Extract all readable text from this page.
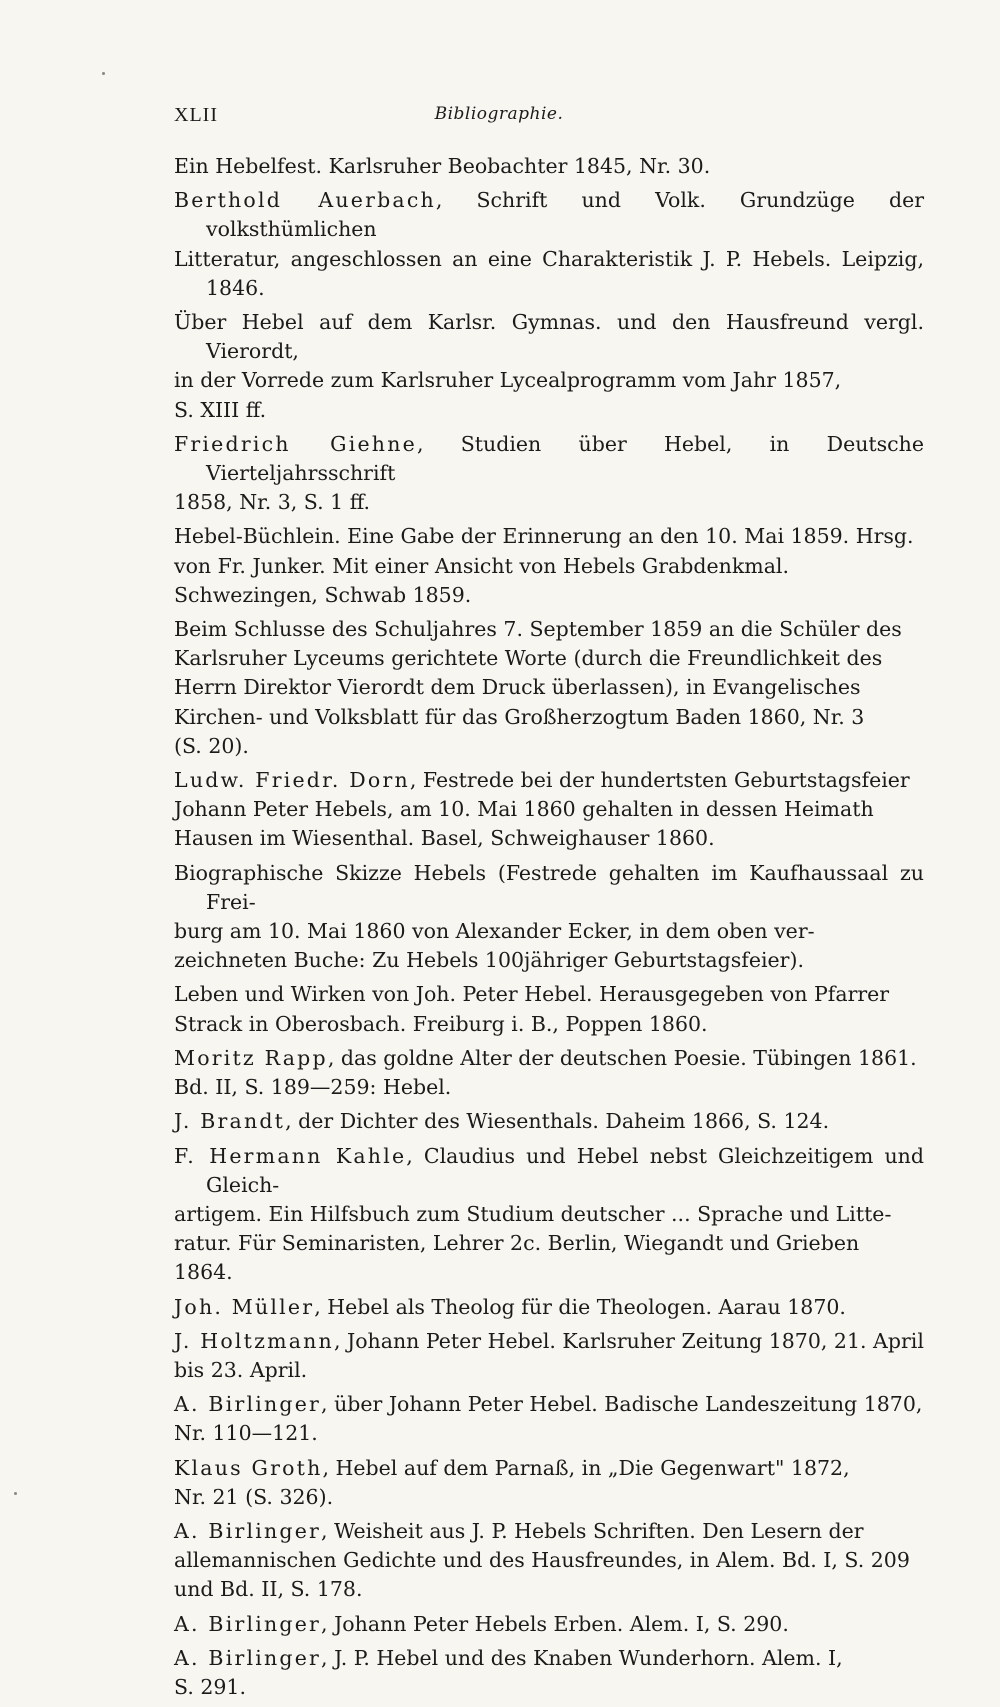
XLII	Bibliographie.

Ein Hebelfest. Karlsruher Beobachter 1845, Nr. 30.

Berthold Auerbach, Schrift und Volk. Grundzüge der volksthümlichen
Litteratur, angeschlossen an eine Charakteristik J. P. Hebels. Leipzig, 1846.

Über Hebel auf dem Karlsr. Gymnas. und den Hausfreund vergl. Vierordt,
in der Vorrede zum Karlsruher Lycealprogramm vom Jahr 1857,
S. XIII ff.

Friedrich Giehne, Studien über Hebel, in Deutsche Vierteljahrsschrift
1858, Nr. 3, S. 1 ff.

Hebel-Büchlein. Eine Gabe der Erinnerung an den 10. Mai 1859. Hrsg.
von Fr. Junker. Mit einer Ansicht von Hebels Grabdenkmal.
Schwezingen, Schwab 1859.

Beim Schlusse des Schuljahres 7. September 1859 an die Schüler des
Karlsruher Lyceums gerichtete Worte (durch die Freundlichkeit des
Herrn Direktor Vierordt dem Druck überlassen), in Evangelisches
Kirchen- und Volksblatt für das Großherzogtum Baden 1860, Nr. 3
(S. 20).

Ludw. Friedr. Dorn, Festrede bei der hundertsten Geburtstagsfeier
Johann Peter Hebels, am 10. Mai 1860 gehalten in dessen Heimath
Hausen im Wiesenthal. Basel, Schweighauser 1860.

Biographische Skizze Hebels (Festrede gehalten im Kaufhaussaal zu Frei-
burg am 10. Mai 1860 von Alexander Ecker, in dem oben ver-
zeichneten Buche: Zu Hebels 100jähriger Geburtstagsfeier).

Leben und Wirken von Joh. Peter Hebel. Herausgegeben von Pfarrer
Strack in Oberosbach. Freiburg i. B., Poppen 1860.

Moritz Rapp, das goldne Alter der deutschen Poesie. Tübingen 1861.
Bd. II, S. 189—259: Hebel.

J. Brandt, der Dichter des Wiesenthals. Daheim 1866, S. 124.

F. Hermann Kahle, Claudius und Hebel nebst Gleichzeitigem und Gleich-
artigem. Ein Hilfsbuch zum Studium deutscher ... Sprache und Litte-
ratur. Für Seminaristen, Lehrer 2c. Berlin, Wiegandt und Grieben
1864.

Joh. Müller, Hebel als Theolog für die Theologen. Aarau 1870.

J. Holtzmann, Johann Peter Hebel. Karlsruher Zeitung 1870, 21. April
bis 23. April.

A. Birlinger, über Johann Peter Hebel. Badische Landeszeitung 1870,
Nr. 110—121.

Klaus Groth, Hebel auf dem Parnaß, in „Die Gegenwart" 1872,
Nr. 21 (S. 326).

A. Birlinger, Weisheit aus J. P. Hebels Schriften. Den Lesern der
allemannischen Gedichte und des Hausfreundes, in Alem. Bd. I, S. 209
und Bd. II, S. 178.

A. Birlinger, Johann Peter Hebels Erben. Alem. I, S. 290.

A. Birlinger, J. P. Hebel und des Knaben Wunderhorn. Alem. I,
S. 291.
